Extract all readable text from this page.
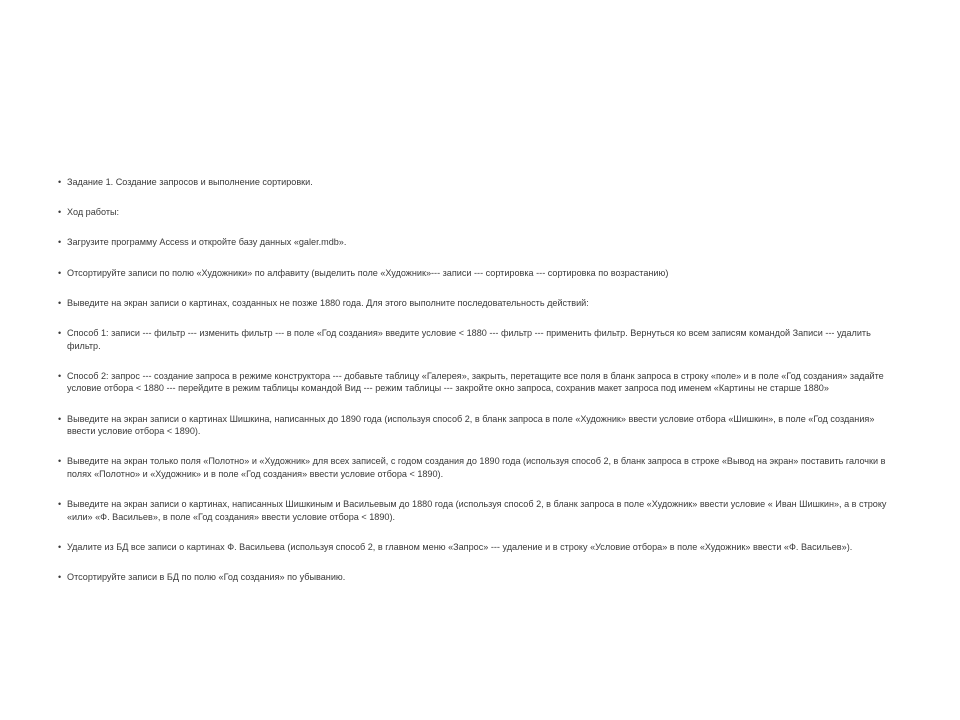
• Задание 1. Создание запросов и выполнение сортировки.
• Ход работы:
• Загрузите программу Access и откройте базу данных «galer.mdb».
• Отсортируйте записи по полю «Художники» по алфавиту (выделить поле «Художник»--- записи --- сортировка --- сортировка по возрастанию)
• Выведите на экран записи о картинах, созданных не позже 1880 года. Для этого выполните последовательность действий:
• Способ 1: записи --- фильтр --- изменить фильтр --- в поле «Год создания» введите условие < 1880 --- фильтр --- применить фильтр. Вернуться ко всем записям командой Записи --- удалить фильтр.
• Способ 2: запрос --- создание запроса в режиме конструктора --- добавьте таблицу «Галерея», закрыть, перетащите все поля в бланк запроса в строку «поле» и в поле «Год создания» задайте условие отбора < 1880 --- перейдите в режим таблицы командой Вид --- режим таблицы --- закройте окно запроса, сохранив макет запроса под именем «Картины не старше 1880»
• Выведите на экран записи о картинах Шишкина, написанных до 1890 года (используя способ 2, в бланк запроса в поле «Художник» ввести условие отбора «Шишкин», в поле «Год создания» ввести условие отбора < 1890).
• Выведите на экран только поля «Полотно» и «Художник» для всех записей, с годом создания до 1890 года (используя способ 2, в бланк запроса в строке «Вывод на экран» поставить галочки в полях «Полотно» и «Художник» и в поле «Год создания» ввести условие отбора < 1890).
• Выведите на экран записи о картинах, написанных Шишкиным и Васильевым до 1880 года (используя способ 2, в бланк запроса в поле «Художник» ввести условие « Иван Шишкин», а в строку «или» «Ф. Васильев», в поле «Год создания» ввести условие отбора < 1890).
• Удалите из БД все записи о картинах Ф. Васильева (используя способ 2, в главном меню «Запрос» --- удаление и в строку «Условие отбора» в поле «Художник» ввести «Ф. Васильев»).
• Отсортируйте записи в БД по полю «Год создания» по убыванию.
